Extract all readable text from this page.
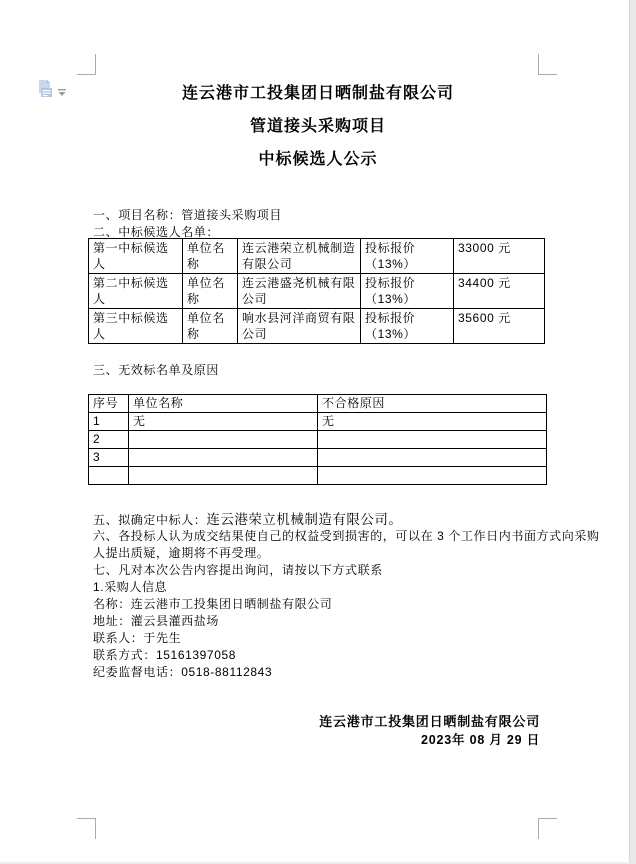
连云港市工投集团日晒制盐有限公司
管道接头采购项目
中标候选人公示
一、项目名称：管道接头采购项目
二、中标候选人名单：
第一中标候选人	单位名称	连云港荣立机械制造有限公司	投标报价（13%）	33000 元
第二中标候选人	单位名称	连云港盛尧机械有限公司	投标报价（13%）	34400 元
第三中标候选人	单位名称	响水县河洋商贸有限公司	投标报价（13%）	35600 元
三、无效标名单及原因
序号	单位名称	不合格原因
1	无	无
2		
3		

五、拟确定中标人：连云港荣立机械制造有限公司。
六、各投标人认为成交结果使自己的权益受到损害的，可以在 3 个工作日内书面方式向采购
人提出质疑，逾期将不再受理。
七、凡对本次公告内容提出询问，请按以下方式联系
1.采购人信息
名称：连云港市工投集团日晒制盐有限公司
地址：灌云县灌西盐场
联系人：于先生
联系方式：15161397058
纪委监督电话：0518-88112843
连云港市工投集团日晒制盐有限公司
2023年 08 月 29 日
